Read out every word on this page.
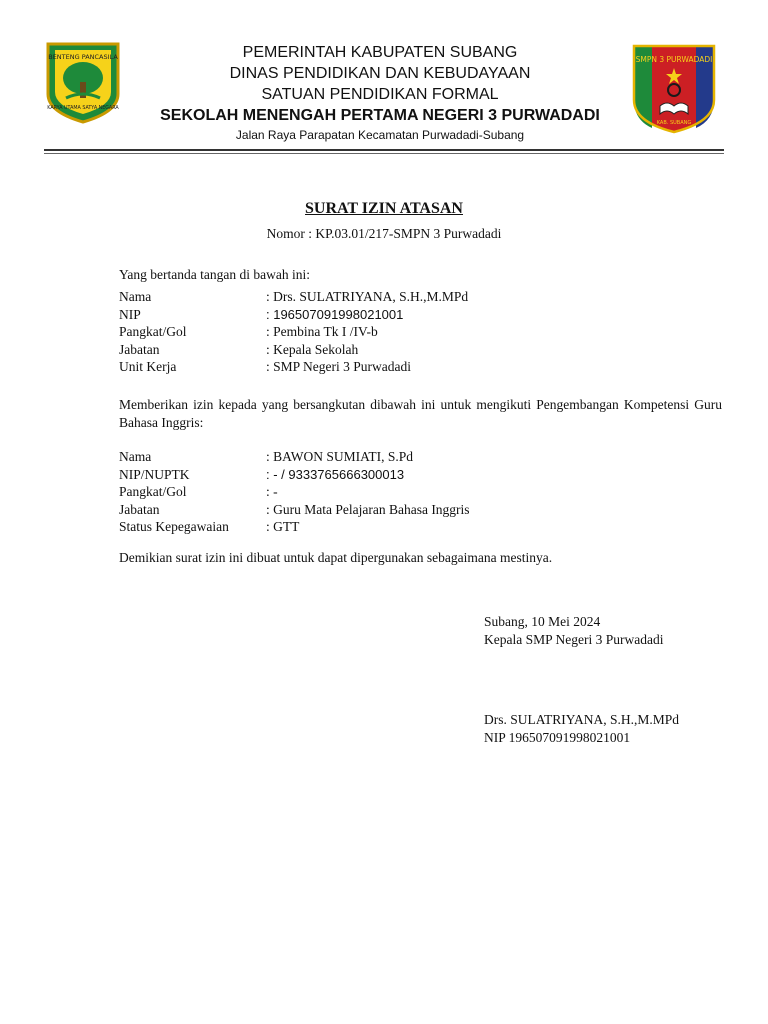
BENTENG PANCASILA
KARYA UTAMA SATYA NEGARA
PEMERINTAH KABUPATEN SUBANG
DINAS PENDIDIKAN DAN KEBUDAYAAN
SATUAN PENDIDIKAN FORMAL
SEKOLAH MENENGAH PERTAMA NEGERI 3 PURWADADI
Jalan Raya Parapatan Kecamatan Purwadadi-Subang
SMPN 3 PURWADADI
KAB. SUBANG
SURAT IZIN ATASAN
Nomor : KP.03.01/217-SMPN 3 Purwadadi
Yang bertanda tangan di bawah ini:
Nama	: Drs. SULATRIYANA, S.H.,M.MPd
NIP	: 196507091998021001
Pangkat/Gol	: Pembina Tk I /IV-b
Jabatan	: Kepala Sekolah
Unit Kerja	: SMP Negeri 3 Purwadadi
Memberikan izin kepada yang bersangkutan dibawah ini untuk mengikuti Pengembangan Kompetensi Guru Bahasa Inggris:
Nama	: BAWON SUMIATI, S.Pd
NIP/NUPTK	: - / 9333765666300013
Pangkat/Gol	: -
Jabatan	: Guru Mata Pelajaran Bahasa Inggris
Status Kepegawaian	: GTT
Demikian surat izin ini dibuat untuk dapat dipergunakan sebagaimana mestinya.
Subang, 10 Mei 2024
Kepala SMP Negeri 3 Purwadadi
Drs. SULATRIYANA, S.H.,M.MPd
NIP 196507091998021001
